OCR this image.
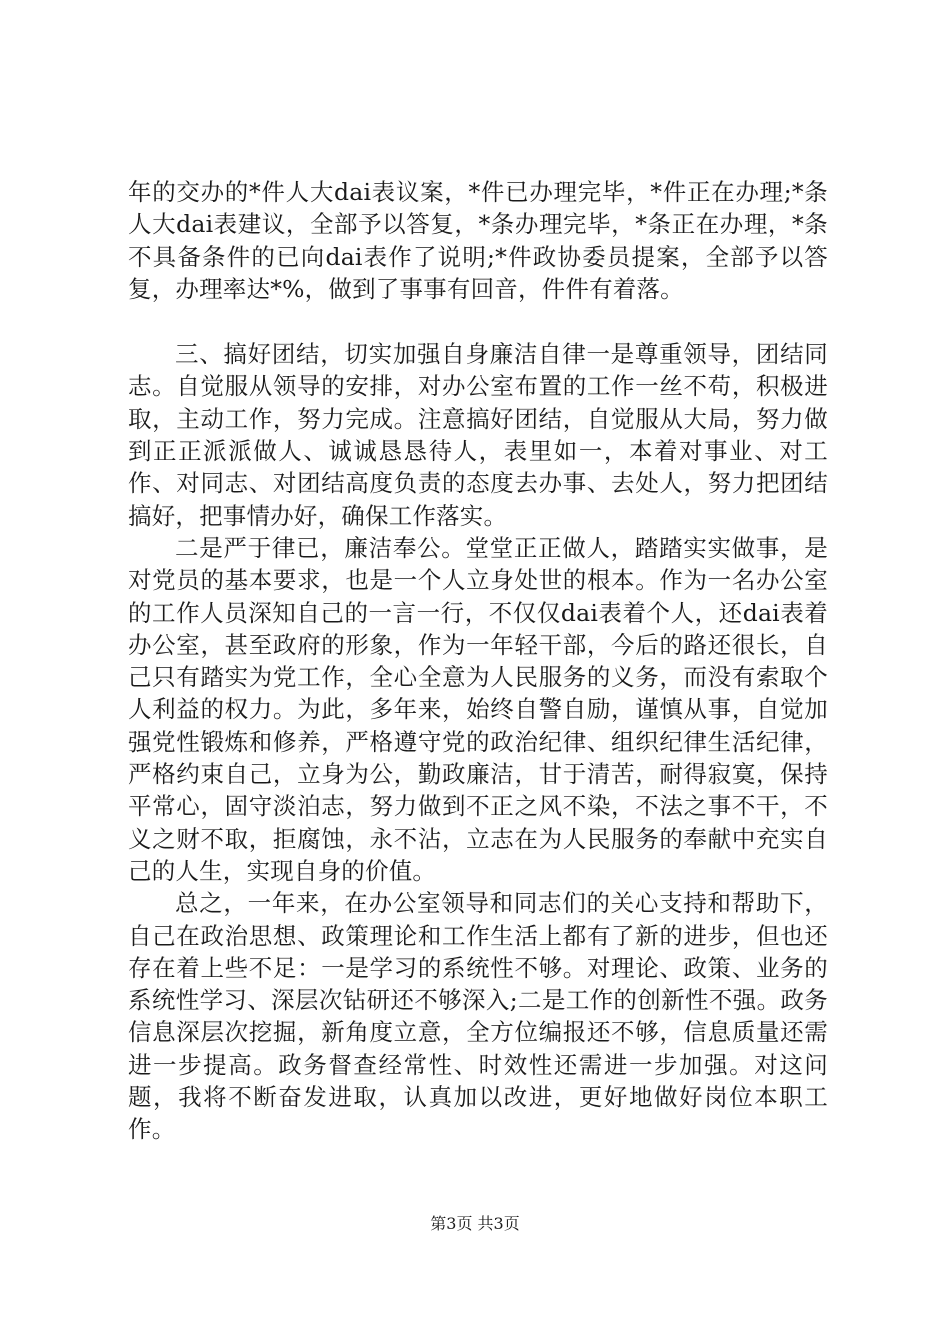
年的交办的*件人大dai表议案，*件已办理完毕，*件正在办理;*条人大dai表建议，全部予以答复，*条办理完毕，*条正在办理，*条不具备条件的已向dai表作了说明;*件政协委员提案，全部予以答复，办理率达*%，做到了事事有回音，件件有着落。

三、搞好团结，切实加强自身廉洁自律一是尊重领导，团结同志。自觉服从领导的安排，对办公室布置的工作一丝不苟，积极进取，主动工作，努力完成。注意搞好团结，自觉服从大局，努力做到正正派派做人、诚诚恳恳待人，表里如一，本着对事业、对工作、对同志、对团结高度负责的态度去办事、去处人，努力把团结搞好，把事情办好，确保工作落实。

二是严于律已，廉洁奉公。堂堂正正做人，踏踏实实做事，是对党员的基本要求，也是一个人立身处世的根本。作为一名办公室的工作人员深知自己的一言一行，不仅仅dai表着个人，还dai表着办公室，甚至政府的形象，作为一年轻干部，今后的路还很长，自己只有踏实为党工作，全心全意为人民服务的义务，而没有索取个人利益的权力。为此，多年来，始终自警自励，谨慎从事，自觉加强党性锻炼和修养，严格遵守党的政治纪律、组织纪律生活纪律，严格约束自己，立身为公，勤政廉洁，甘于清苦，耐得寂寞，保持平常心，固守淡泊志，努力做到不正之风不染，不法之事不干，不义之财不取，拒腐蚀，永不沾，立志在为人民服务的奉献中充实自己的人生，实现自身的价值。

总之，一年来，在办公室领导和同志们的关心支持和帮助下，自己在政治思想、政策理论和工作生活上都有了新的进步，但也还存在着上些不足：一是学习的系统性不够。对理论、政策、业务的系统性学习、深层次钻研还不够深入;二是工作的创新性不强。政务信息深层次挖掘，新角度立意，全方位编报还不够，信息质量还需进一步提高。政务督查经常性、时效性还需进一步加强。对这问题，我将不断奋发进取，认真加以改进，更好地做好岗位本职工作。

第3页 共3页
